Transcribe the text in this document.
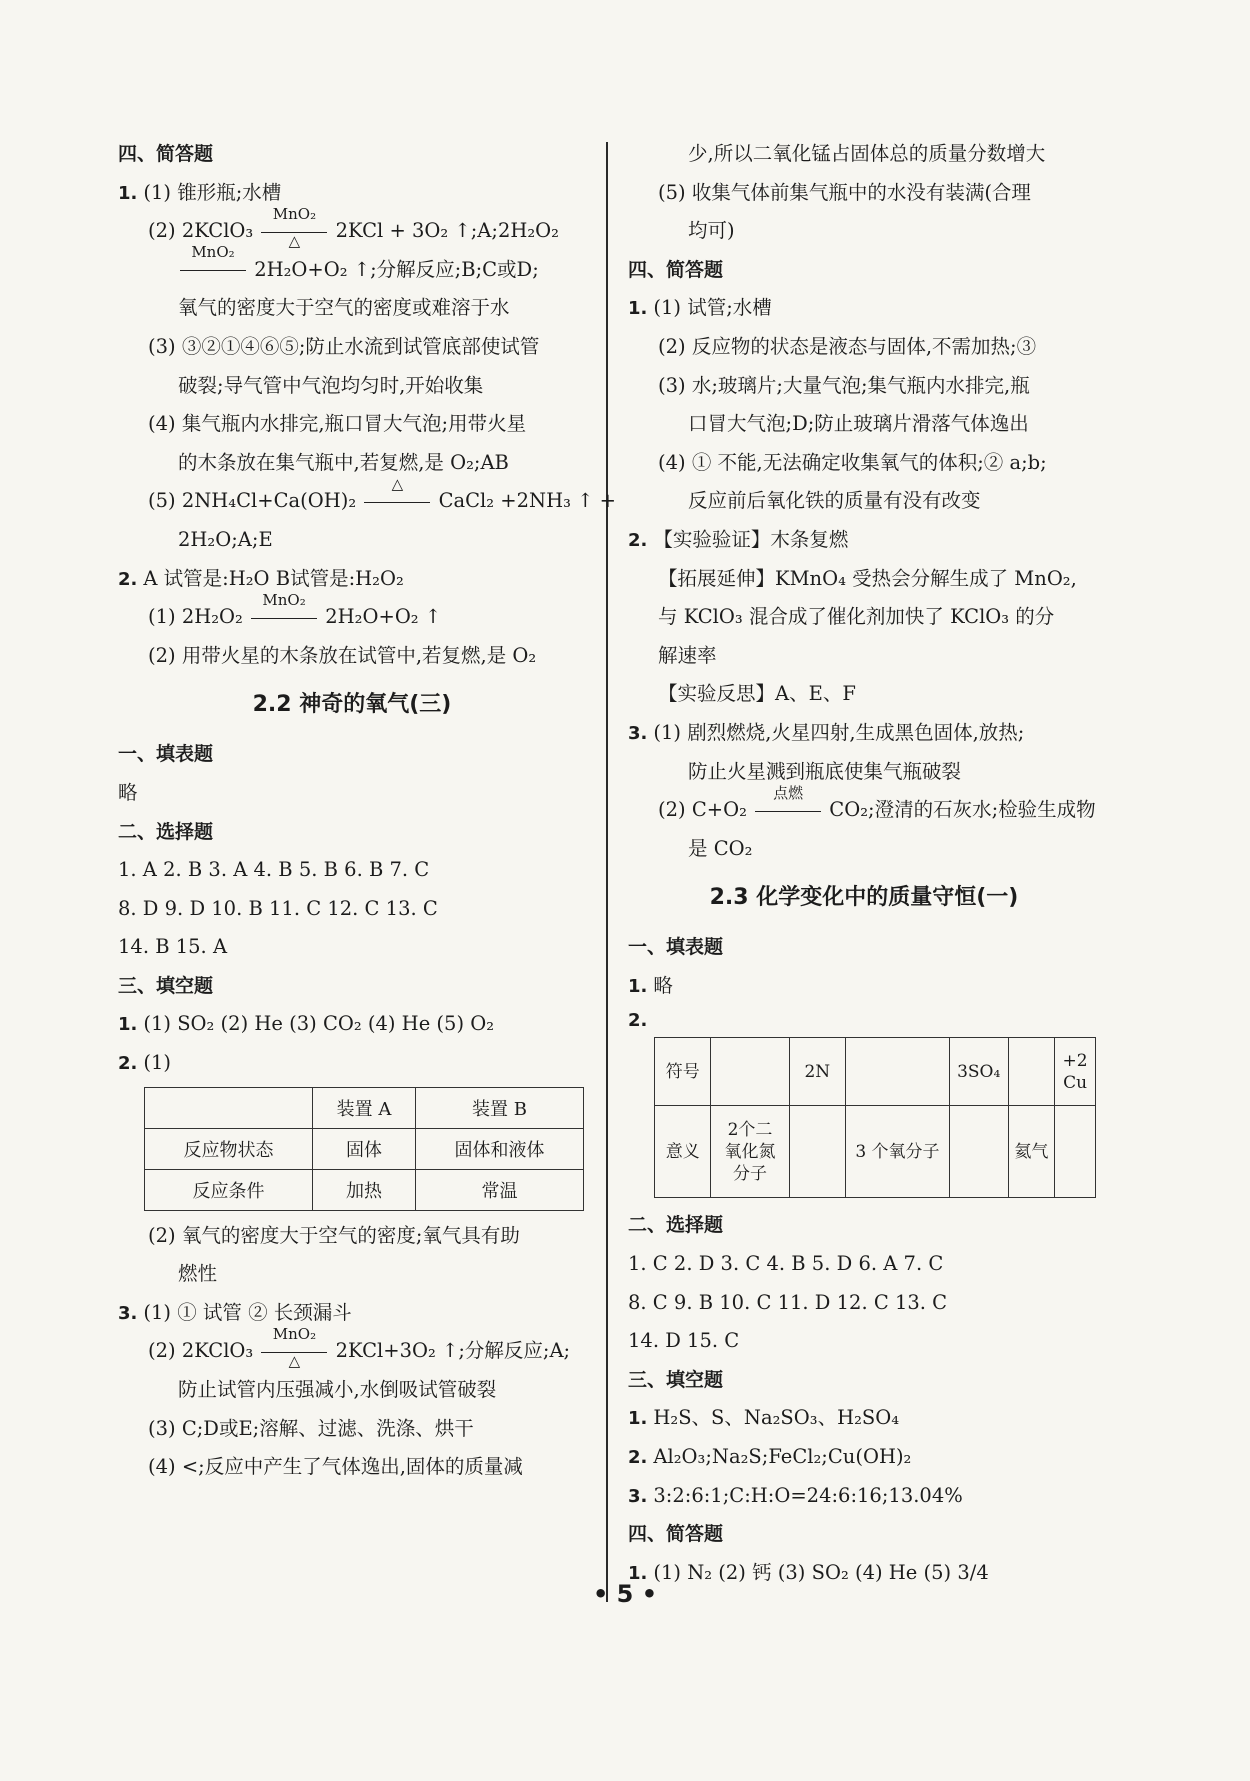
四、简答题
1. (1) 锥形瓶;水槽
(2) 2KClO₃
MnO₂
△	2KCl + 3O₂ ↑;A;2H₂O₂
MnO₂
2H₂O+O₂ ↑;分解反应;B;C或D;
氧气的密度大于空气的密度或难溶于水
(3) ③②①④⑥⑤;防止水流到试管底部使试管
破裂;导气管中气泡均匀时,开始收集
(4) 集气瓶内水排完,瓶口冒大气泡;用带火星
的木条放在集气瓶中,若复燃,是 O₂;AB
(5) 2NH₄Cl+Ca(OH)₂
△
CaCl₂ +2NH₃ ↑ +
2H₂O;A;E
2. A 试管是:H₂O B试管是:H₂O₂
(1) 2H₂O₂
MnO₂
2H₂O+O₂ ↑
(2) 用带火星的木条放在试管中,若复燃,是 O₂
2.2 神奇的氧气(三)
一、填表题
略
二、选择题
1. A 2. B 3. A 4. B 5. B 6. B 7. C
8. D 9. D 10. B 11. C 12. C 13. C
14. B 15. A
三、填空题
1. (1) SO₂ (2) He (3) CO₂ (4) He (5) O₂
2. (1)
	装置 A	装置 B
反应物状态	固体	固体和液体
反应条件	加热	常温
(2) 氧气的密度大于空气的密度;氧气具有助
燃性
3. (1) ① 试管 ② 长颈漏斗
(2) 2KClO₃
MnO₂
△	2KCl+3O₂ ↑;分解反应;A;
防止试管内压强减小,水倒吸试管破裂
(3) C;D或E;溶解、过滤、洗涤、烘干
(4) <;反应中产生了气体逸出,固体的质量减
少,所以二氧化锰占固体总的质量分数增大
(5) 收集气体前集气瓶中的水没有装满(合理
均可)
四、简答题
1. (1) 试管;水槽
(2) 反应物的状态是液态与固体,不需加热;③
(3) 水;玻璃片;大量气泡;集气瓶内水排完,瓶
口冒大气泡;D;防止玻璃片滑落气体逸出
(4) ① 不能,无法确定收集氧气的体积;② a;b;
反应前后氧化铁的质量有没有改变
2. 【实验验证】木条复燃
【拓展延伸】KMnO₄ 受热会分解生成了 MnO₂,
与 KClO₃ 混合成了催化剂加快了 KClO₃ 的分
解速率
【实验反思】A、E、F
3. (1) 剧烈燃烧,火星四射,生成黑色固体,放热;
防止火星溅到瓶底使集气瓶破裂
(2) C+O₂
点燃
CO₂;澄清的石灰水;检验生成物
是 CO₂
2.3 化学变化中的质量守恒(一)
一、填表题
1. 略
2.
符号		2N		3SO₄		+2
Cu
意义	2个二
氧化氮
分子		3 个氧分子		氦气	
二、选择题
1. C 2. D 3. C 4. B 5. D 6. A 7. C
8. C 9. B 10. C 11. D 12. C 13. C
14. D 15. C
三、填空题
1. H₂S、S、Na₂SO₃、H₂SO₄
2. Al₂O₃;Na₂S;FeCl₂;Cu(OH)₂
3. 3:2:6:1;C:H:O=24:6:16;13.04%
四、简答题
1. (1) N₂ (2) 钙 (3) SO₂ (4) He (5) 3/4
• 5 •
